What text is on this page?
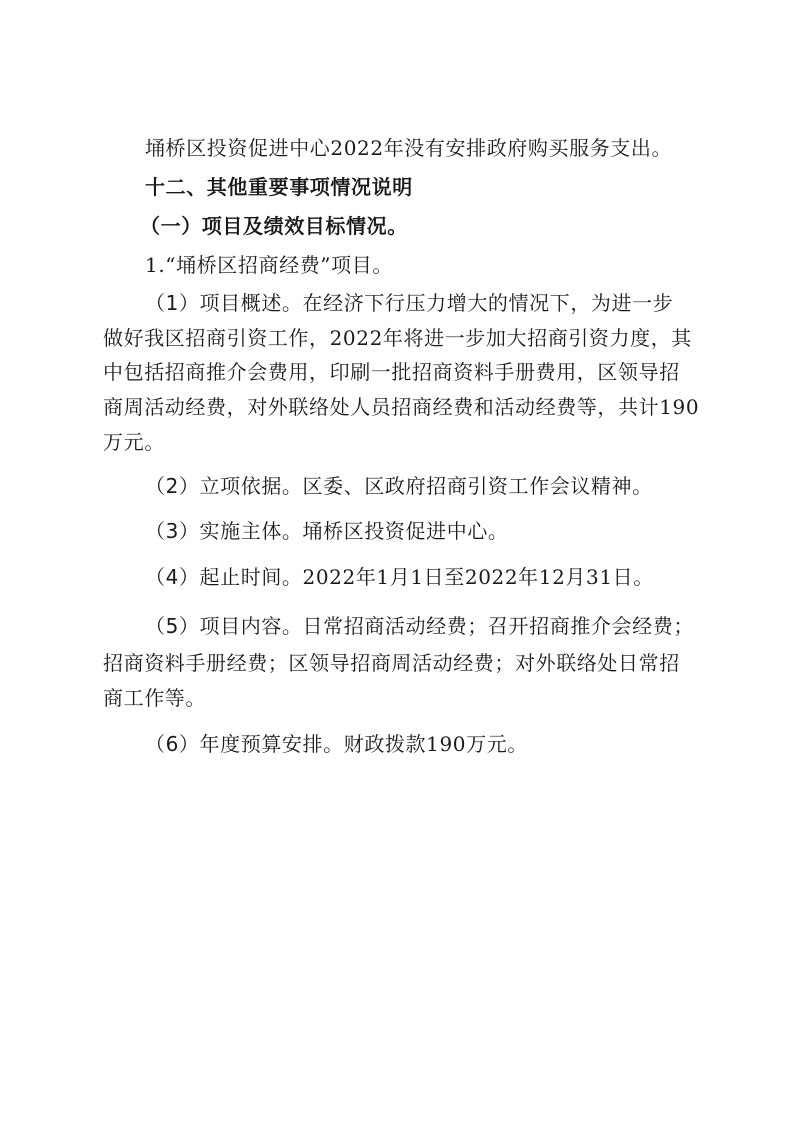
埇桥区投资促进中心2022年没有安排政府购买服务支出。
十二、其他重要事项情况说明
（一）项目及绩效目标情况。
1.“埇桥区招商经费”项目。
（1）项目概述。在经济下行压力增大的情况下，为进一步
做好我区招商引资工作，2022年将进一步加大招商引资力度，其
中包括招商推介会费用，印刷一批招商资料手册费用，区领导招
商周活动经费，对外联络处人员招商经费和活动经费等，共计190
万元。
（2）立项依据。区委、区政府招商引资工作会议精神。
（3）实施主体。埇桥区投资促进中心。
（4）起止时间。2022年1月1日至2022年12月31日。
（5）项目内容。日常招商活动经费；召开招商推介会经费；
招商资料手册经费；区领导招商周活动经费；对外联络处日常招
商工作等。
（6）年度预算安排。财政拨款190万元。
